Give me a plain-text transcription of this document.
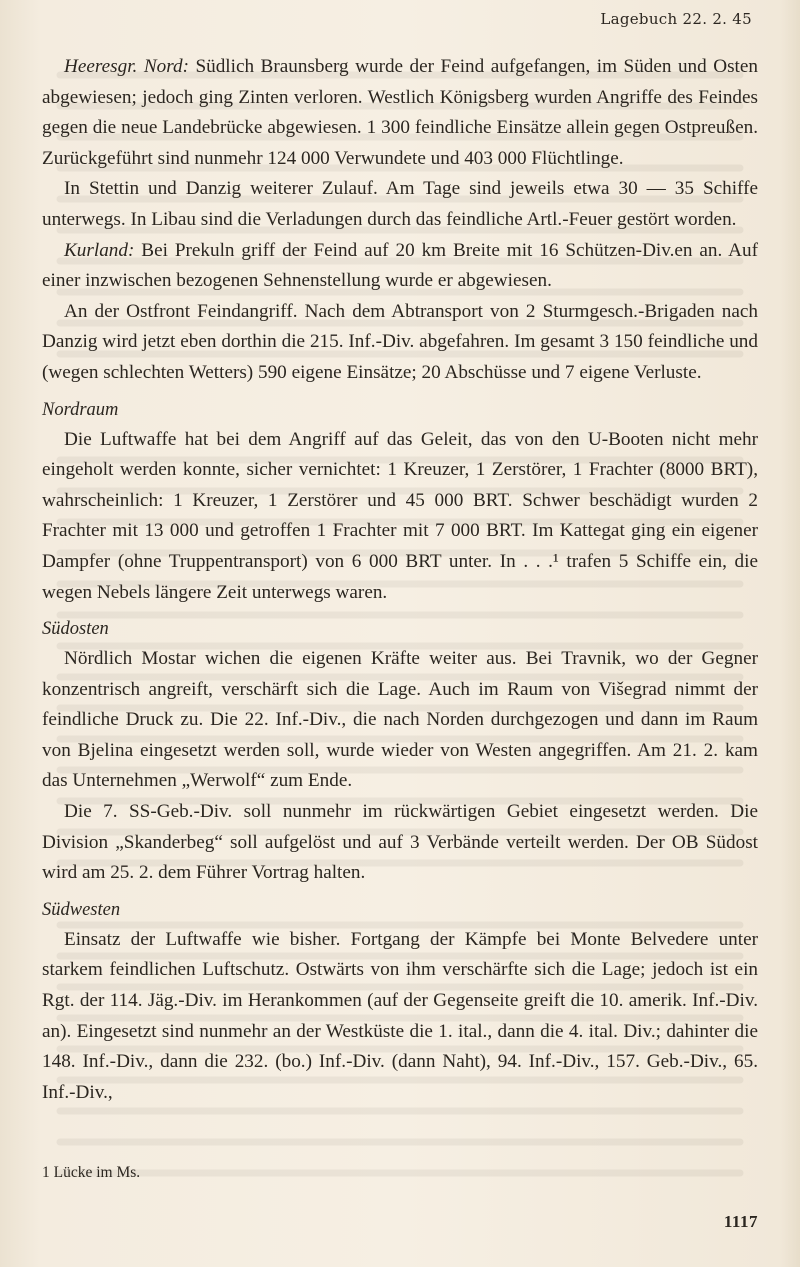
Lagebuch 22. 2. 45

Heeresgr. Nord: Südlich Braunsberg wurde der Feind aufgefangen, im Süden und Osten abgewiesen; jedoch ging Zinten verloren. Westlich Königsberg wurden Angriffe des Feindes gegen die neue Landebrücke abgewiesen. 1 300 feindliche Einsätze allein gegen Ostpreußen. Zurückgeführt sind nunmehr 124 000 Verwundete und 403 000 Flüchtlinge.

In Stettin und Danzig weiterer Zulauf. Am Tage sind jeweils etwa 30 — 35 Schiffe unterwegs. In Libau sind die Verladungen durch das feindliche Artl.-Feuer gestört worden.

Kurland: Bei Prekuln griff der Feind auf 20 km Breite mit 16 Schützen-Div.en an. Auf einer inzwischen bezogenen Sehnenstellung wurde er abgewiesen.

An der Ostfront Feindangriff. Nach dem Abtransport von 2 Sturmgesch.-Brigaden nach Danzig wird jetzt eben dorthin die 215. Inf.-Div. abgefahren. Im gesamt 3 150 feindliche und (wegen schlechten Wetters) 590 eigene Einsätze; 20 Abschüsse und 7 eigene Verluste.

Nordraum

Die Luftwaffe hat bei dem Angriff auf das Geleit, das von den U-Booten nicht mehr eingeholt werden konnte, sicher vernichtet: 1 Kreuzer, 1 Zerstörer, 1 Frachter (8000 BRT), wahrscheinlich: 1 Kreuzer, 1 Zerstörer und 45 000 BRT. Schwer beschädigt wurden 2 Frachter mit 13 000 und getroffen 1 Frachter mit 7 000 BRT. Im Kattegat ging ein eigener Dampfer (ohne Truppentransport) von 6 000 BRT unter. In . . .¹ trafen 5 Schiffe ein, die wegen Nebels längere Zeit unterwegs waren.

Südosten

Nördlich Mostar wichen die eigenen Kräfte weiter aus. Bei Travnik, wo der Gegner konzentrisch angreift, verschärft sich die Lage. Auch im Raum von Višegrad nimmt der feindliche Druck zu. Die 22. Inf.-Div., die nach Norden durchgezogen und dann im Raum von Bjelina eingesetzt werden soll, wurde wieder von Westen angegriffen. Am 21. 2. kam das Unternehmen „Werwolf“ zum Ende.

Die 7. SS-Geb.-Div. soll nunmehr im rückwärtigen Gebiet eingesetzt werden. Die Division „Skanderbeg“ soll aufgelöst und auf 3 Verbände verteilt werden. Der OB Südost wird am 25. 2. dem Führer Vortrag halten.

Südwesten

Einsatz der Luftwaffe wie bisher. Fortgang der Kämpfe bei Monte Belvedere unter starkem feindlichen Luftschutz. Ostwärts von ihm verschärfte sich die Lage; jedoch ist ein Rgt. der 114. Jäg.-Div. im Herankommen (auf der Gegenseite greift die 10. amerik. Inf.-Div. an). Eingesetzt sind nunmehr an der Westküste die 1. ital., dann die 4. ital. Div.; dahinter die 148. Inf.-Div., dann die 232. (bo.) Inf.-Div. (dann Naht), 94. Inf.-Div., 157. Geb.-Div., 65. Inf.-Div.,

1 Lücke im Ms.
1117
